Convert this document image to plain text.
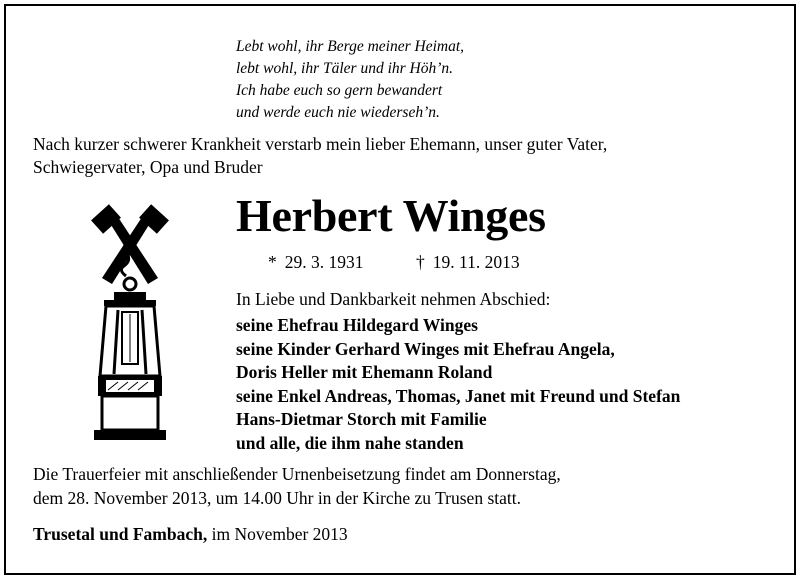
Lebt wohl, ihr Berge meiner Heimat,
lebt wohl, ihr Täler und ihr Höh’n.
Ich habe euch so gern bewandert
und werde euch nie wiederseh’n.
Nach kurzer schwerer Krankheit verstarb mein lieber Ehemann, unser guter Vater,
Schwiegervater, Opa und Bruder
Herbert Winges
* 29. 3. 1931	† 19. 11. 2013
In Liebe und Dankbarkeit nehmen Abschied:
seine Ehefrau Hildegard Winges
seine Kinder Gerhard Winges mit Ehefrau Angela,
Doris Heller mit Ehemann Roland
seine Enkel Andreas, Thomas, Janet mit Freund und Stefan
Hans-Dietmar Storch mit Familie
und alle, die ihm nahe standen
Die Trauerfeier mit anschließender Urnenbeisetzung findet am Donnerstag,
dem 28. November 2013, um 14.00 Uhr in der Kirche zu Trusen statt.
Trusetal und Fambach, im November 2013
